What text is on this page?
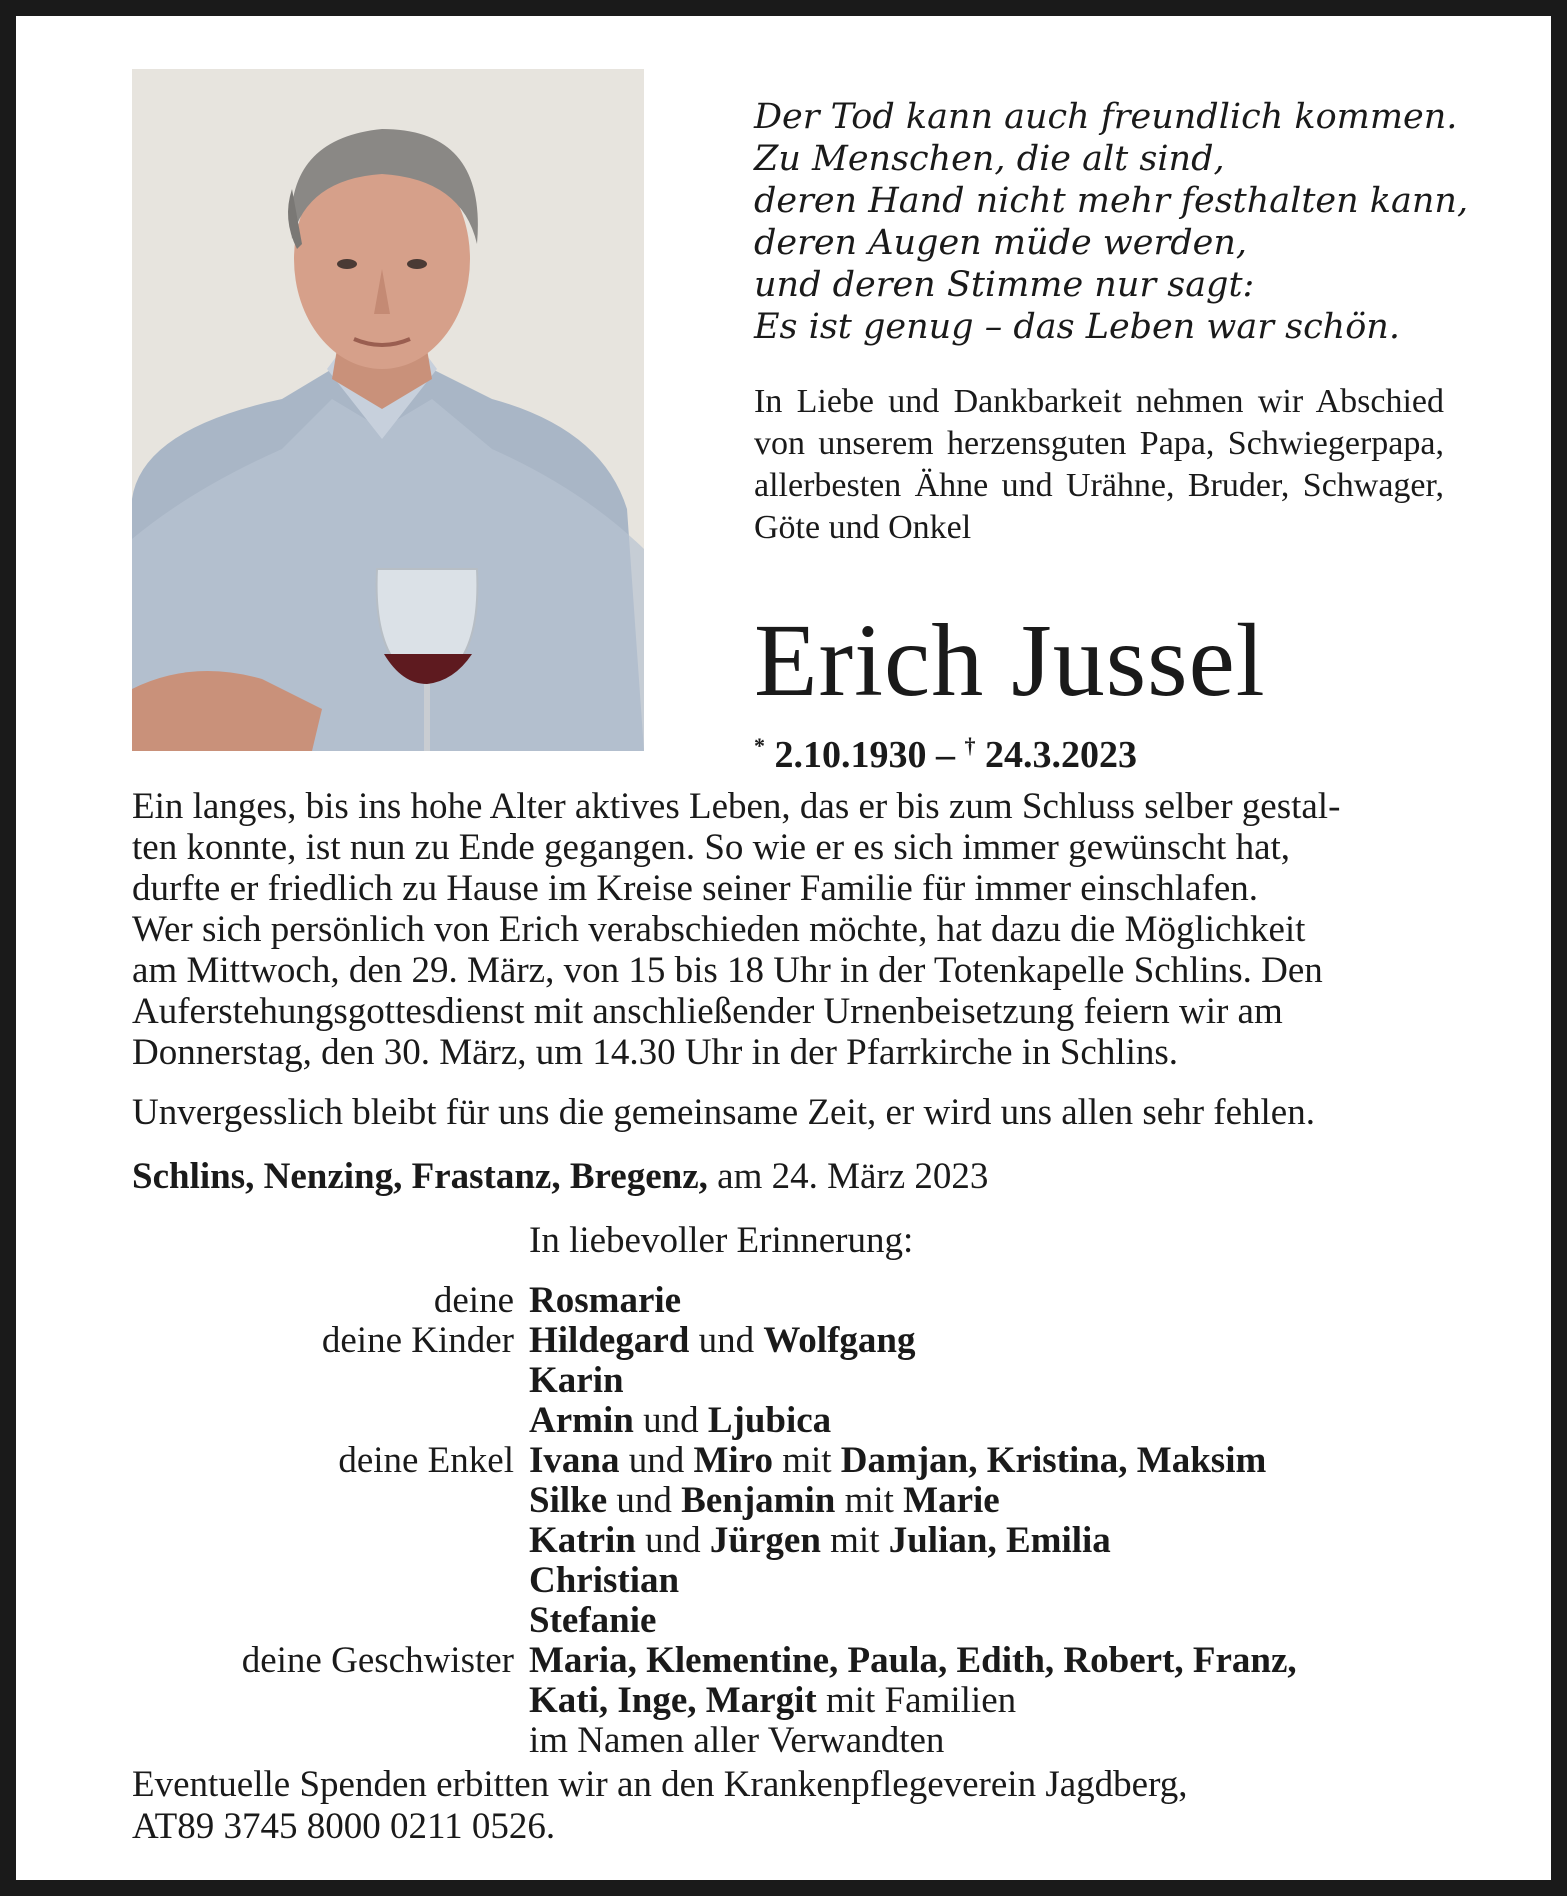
Der Tod kann auch freundlich kommen.
Zu Menschen, die alt sind,
deren Hand nicht mehr festhalten kann,
deren Augen müde werden,
und deren Stimme nur sagt:
Es ist genug – das Leben war schön.
In Liebe und Dankbarkeit nehmen wir Abschied von unserem herzensguten Papa, Schwiegerpapa, allerbesten Ähne und Urähne, Bruder, Schwager, Göte und Onkel
Erich Jussel
* 2.10.1930 – † 24.3.2023
Ein langes, bis ins hohe Alter aktives Leben, das er bis zum Schluss selber gestal-
ten konnte, ist nun zu Ende gegangen. So wie er es sich immer gewünscht hat,
durfte er friedlich zu Hause im Kreise seiner Familie für immer einschlafen.
Wer sich persönlich von Erich verabschieden möchte, hat dazu die Möglichkeit
am Mittwoch, den 29. März, von 15 bis 18 Uhr in der Totenkapelle Schlins. Den
Auferstehungsgottesdienst mit anschließender Urnenbeisetzung feiern wir am
Donnerstag, den 30. März, um 14.30 Uhr in der Pfarrkirche in Schlins.
Unvergesslich bleibt für uns die gemeinsame Zeit, er wird uns allen sehr fehlen.
Schlins, Nenzing, Frastanz, Bregenz, am 24. März 2023
In liebevoller Erinnerung:
deine
deine Kinder
deine Enkel
deine Geschwister
Rosmarie
Hildegard und Wolfgang
Karin
Armin und Ljubica
Ivana und Miro mit Damjan, Kristina, Maksim
Silke und Benjamin mit Marie
Katrin und Jürgen mit Julian, Emilia
Christian
Stefanie
Maria, Klementine, Paula, Edith, Robert, Franz,
Kati, Inge, Margit mit Familien
im Namen aller Verwandten
Eventuelle Spenden erbitten wir an den Krankenpflegeverein Jagdberg,
AT89 3745 8000 0211 0526.
